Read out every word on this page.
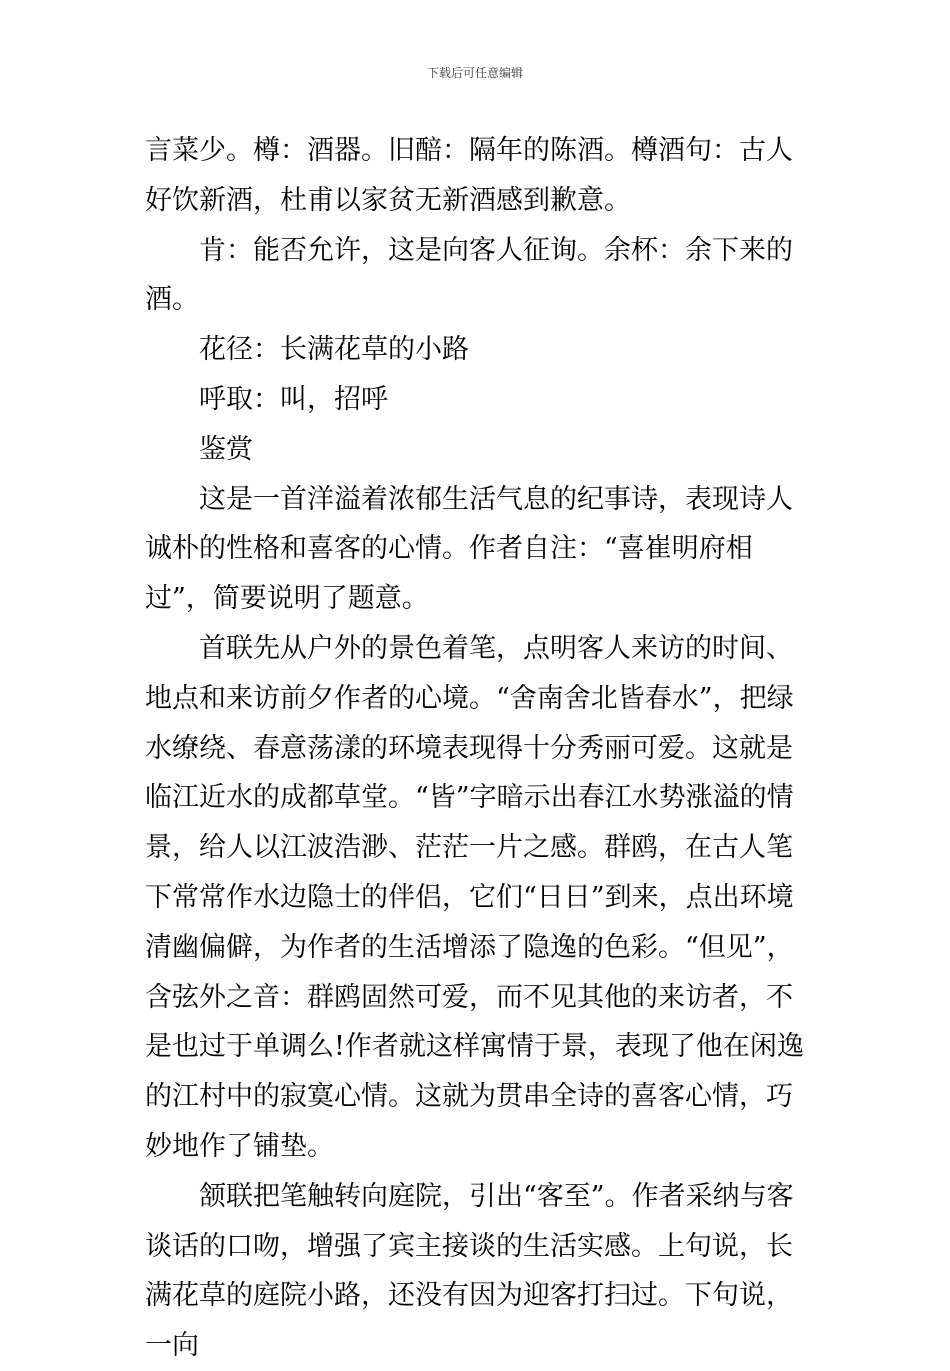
下载后可任意编辑

言菜少。樽：酒器。旧醅：隔年的陈酒。樽酒句：古人好饮新酒，杜甫以家贫无新酒感到歉意。

肯：能否允许，这是向客人征询。余杯：余下来的酒。

花径：长满花草的小路

呼取：叫，招呼

鉴赏

这是一首洋溢着浓郁生活气息的纪事诗，表现诗人诚朴的性格和喜客的心情。作者自注：“喜崔明府相过”，简要说明了题意。

首联先从户外的景色着笔，点明客人来访的时间、地点和来访前夕作者的心境。“舍南舍北皆春水”，把绿水缭绕、春意荡漾的环境表现得十分秀丽可爱。这就是临江近水的成都草堂。“皆”字暗示出春江水势涨溢的情景，给人以江波浩渺、茫茫一片之感。群鸥，在古人笔下常常作水边隐士的伴侣，它们“日日”到来，点出环境清幽偏僻，为作者的生活增添了隐逸的色彩。“但见”，含弦外之音：群鸥固然可爱，而不见其他的来访者，不是也过于单调么!作者就这样寓情于景，表现了他在闲逸的江村中的寂寞心情。这就为贯串全诗的喜客心情，巧妙地作了铺垫。

颔联把笔触转向庭院，引出“客至”。作者采纳与客谈话的口吻，增强了宾主接谈的生活实感。上句说，长满花草的庭院小路，还没有因为迎客打扫过。下句说，一向
